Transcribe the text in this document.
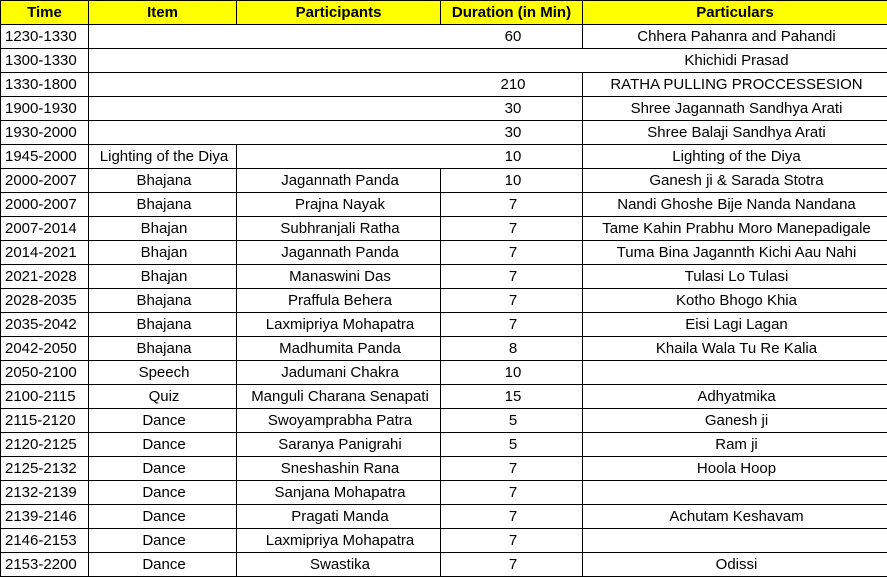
Time	Item	Participants	Duration (in Min)	Particulars
1230-1330			60	Chhera Pahanra and Pahandi
1300-1330				Khichidi Prasad
1330-1800			210	RATHA PULLING PROCCESSESION
1900-1930			30	Shree Jagannath Sandhya Arati
1930-2000			30	Shree Balaji Sandhya Arati
1945-2000	Lighting of the Diya		10	Lighting of the Diya
2000-2007	Bhajana	Jagannath Panda	10	Ganesh ji & Sarada Stotra
2000-2007	Bhajana	Prajna Nayak	7	Nandi Ghoshe Bije Nanda Nandana
2007-2014	Bhajan	Subhranjali Ratha	7	Tame Kahin Prabhu Moro Manepadigale
2014-2021	Bhajan	Jagannath Panda	7	Tuma Bina Jagannth Kichi Aau Nahi
2021-2028	Bhajan	Manaswini Das	7	Tulasi Lo Tulasi
2028-2035	Bhajana	Praffula Behera	7	Kotho Bhogo Khia
2035-2042	Bhajana	Laxmipriya Mohapatra	7	Eisi Lagi Lagan
2042-2050	Bhajana	Madhumita Panda	8	Khaila Wala Tu Re Kalia
2050-2100	Speech	Jadumani Chakra	10	
2100-2115	Quiz	Manguli Charana Senapati	15	Adhyatmika
2115-2120	Dance	Swoyamprabha Patra	5	Ganesh ji
2120-2125	Dance	Saranya Panigrahi	5	Ram ji
2125-2132	Dance	Sneshashin Rana	7	Hoola Hoop
2132-2139	Dance	Sanjana Mohapatra	7	
2139-2146	Dance	Pragati Manda	7	Achutam Keshavam
2146-2153	Dance	Laxmipriya Mohapatra	7	
2153-2200	Dance	Swastika	7	Odissi
